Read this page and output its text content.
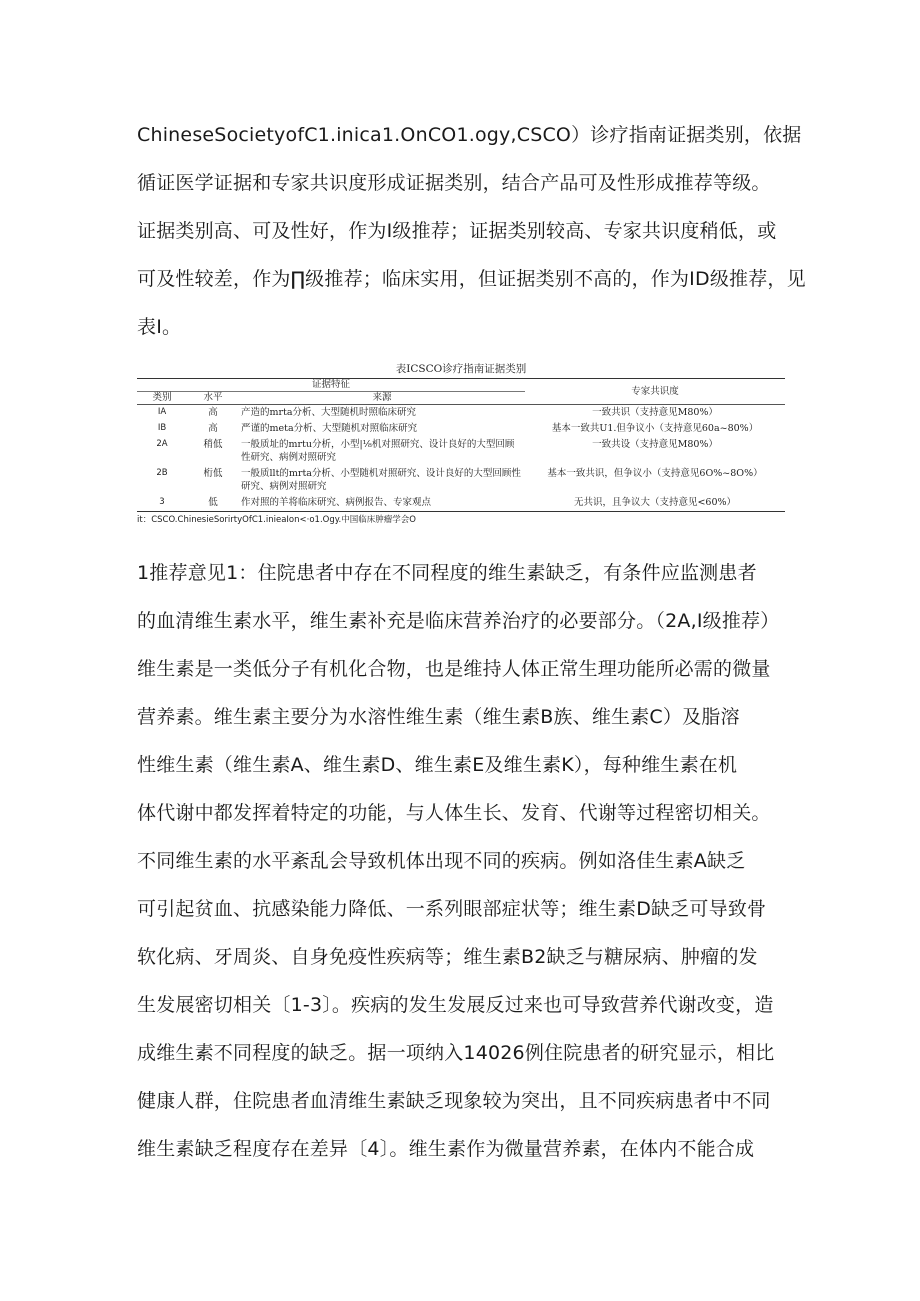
ChineseSocietyofC1.inica1.OnCO1.ogy,CSCO）诊疗指南证据类别，依据
循证医学证据和专家共识度形成证据类别，结合产品可及性形成推荐等级。
证据类别高、可及性好，作为I级推荐；证据类别较高、专家共识度稍低，或
可及性较差，作为∏级推荐；临床实用，但证据类别不高的，作为ID级推荐，见
表I。
表ICSCO诊疗指南证据类别
证据特征			专家共识度
类别	水平	来源	
IA	高	产造的mrta分析、大型随机时照临床研究	一致共识（支持意见M80%）
IB	高	严谨的meta分析、大型随机对照临床研究	基本一致共U1.但争议小（支持意见60a~80%）
2A	稍低	一般质址的mrtu分析，小型|⅛机对照研究、设计良好的大型回顾性研究、病例对照研究	一致共设（支持意见M80%）
2B	桁低	一般质llt的mrta分析、小型随机对照研究、设计良好的大型回顾性研究、病例对照研究	基本一致共识，但争议小（支持意见6O%~8O%）
3	低	作对照的羊将临床研究、病例报告、专家观点	无共识，且争议大（支持意见<60%）
it：CSCO.ChinesieSorirtyOfC1.inieaIon<·o1.Ogy.中国临床肿瘤学会O
1推荐意见1：住院患者中存在不同程度的维生素缺乏，有条件应监测患者
的血清维生素水平，维生素补充是临床营养治疗的必要部分。（2A,I级推荐）
维生素是一类低分子有机化合物，也是维持人体正常生理功能所必需的微量
营养素。维生素主要分为水溶性维生素（维生素B族、维生素C）及脂溶
性维生素（维生素A、维生素D、维生素E及维生素K），每种维生素在机
体代谢中都发挥着特定的功能，与人体生长、发育、代谢等过程密切相关。
不同维生素的水平紊乱会导致机体出现不同的疾病。例如洛佳生素A缺乏
可引起贫血、抗感染能力降低、一系列眼部症状等；维生素D缺乏可导致骨
软化病、牙周炎、自身免疫性疾病等；维生素B2缺乏与糖尿病、肿瘤的发
生发展密切相关〔1-3〕。疾病的发生发展反过来也可导致营养代谢改变，造
成维生素不同程度的缺乏。据一项纳入14026例住院患者的研究显示，相比
健康人群，住院患者血清维生素缺乏现象较为突出，且不同疾病患者中不同
维生素缺乏程度存在差异〔4〕。维生素作为微量营养素，在体内不能合成
